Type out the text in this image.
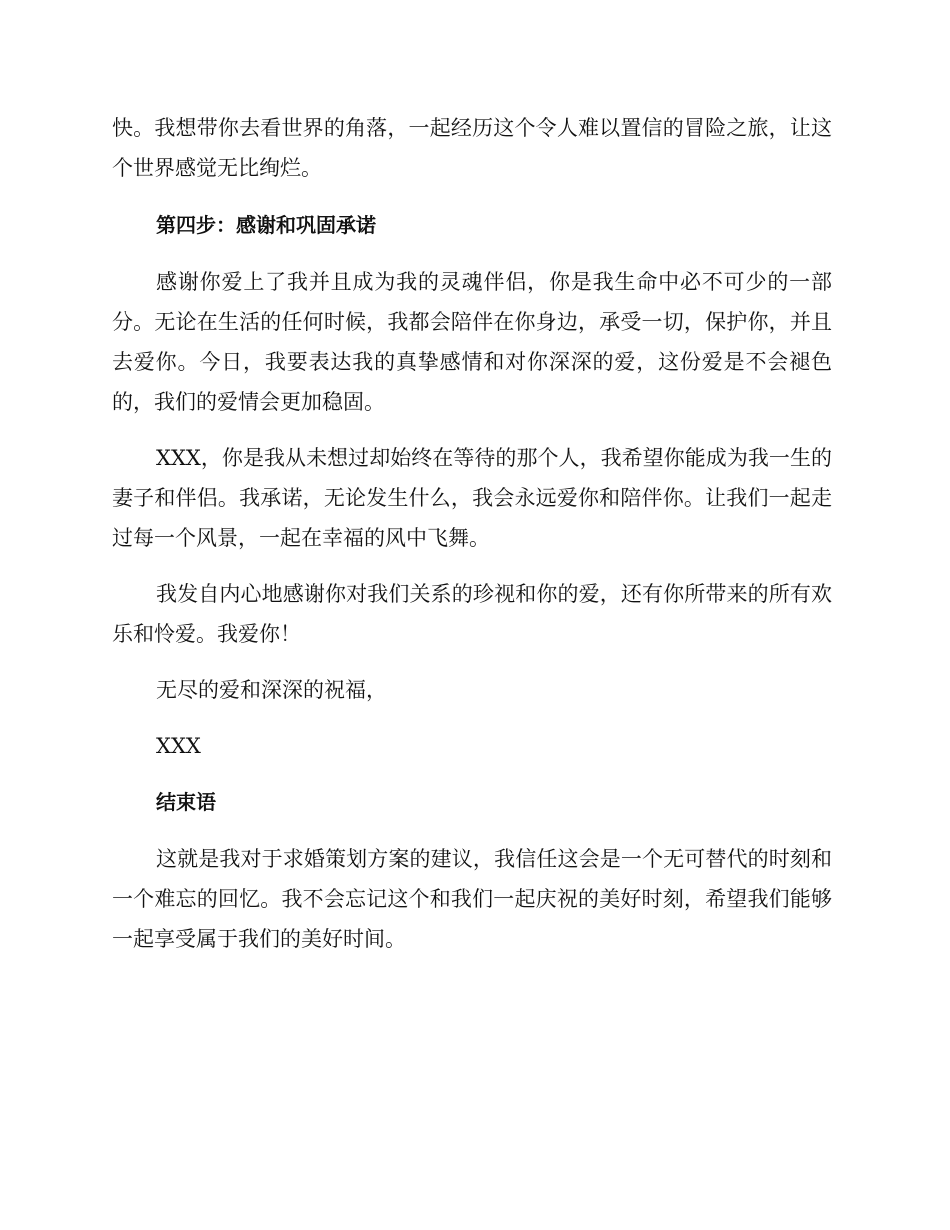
快。我想带你去看世界的角落，一起经历这个令人难以置信的冒险之旅，让这个世界感觉无比绚烂。

第四步：感谢和巩固承诺

感谢你爱上了我并且成为我的灵魂伴侣，你是我生命中必不可少的一部分。无论在生活的任何时候，我都会陪伴在你身边，承受一切，保护你，并且去爱你。今日，我要表达我的真挚感情和对你深深的爱，这份爱是不会褪色的，我们的爱情会更加稳固。

XXX，你是我从未想过却始终在等待的那个人，我希望你能成为我一生的妻子和伴侣。我承诺，无论发生什么，我会永远爱你和陪伴你。让我们一起走过每一个风景，一起在幸福的风中飞舞。

我发自内心地感谢你对我们关系的珍视和你的爱，还有你所带来的所有欢乐和怜爱。我爱你！

无尽的爱和深深的祝福，

XXX

结束语

这就是我对于求婚策划方案的建议，我信任这会是一个无可替代的时刻和一个难忘的回忆。我不会忘记这个和我们一起庆祝的美好时刻，希望我们能够一起享受属于我们的美好时间。
